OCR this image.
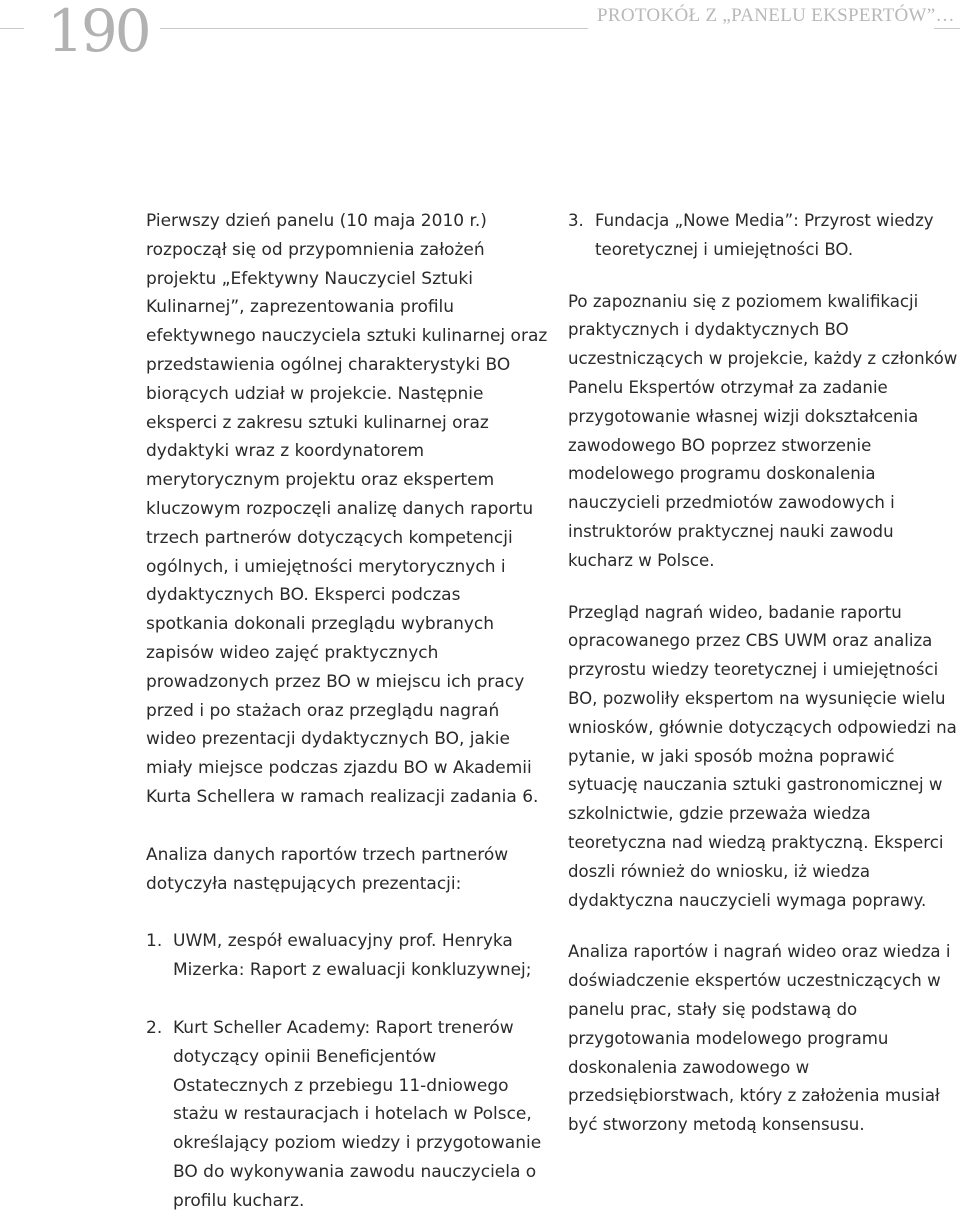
190	PROTOKÓŁ Z „PANELU EKSPERTÓW”…

Pierwszy dzień panelu (10 maja 2010 r.) rozpoczął się od przypomnienia założeń projektu „Efektywny Nauczyciel Sztuki Kulinarnej”, zaprezentowania profilu efektywnego nauczyciela sztuki kulinarnej oraz przedstawienia ogólnej charakterystyki BO biorących udział w projekcie. Następnie eksperci z zakresu sztuki kulinarnej oraz dydaktyki wraz z koordynatorem merytorycznym projektu oraz ekspertem kluczowym rozpoczęli analizę danych raportu trzech partnerów dotyczących kompetencji ogólnych, i umiejętności merytorycznych i dydaktycznych BO. Eksperci podczas spotkania dokonali przeglądu wybranych zapisów wideo zajęć praktycznych prowadzonych przez BO w miejscu ich pracy przed i po stażach oraz przeglądu nagrań wideo prezentacji dydaktycznych BO, jakie miały miejsce podczas zjazdu BO w Akademii Kurta Schellera w ramach realizacji zadania 6.

Analiza danych raportów trzech partnerów dotyczyła następujących prezentacji:

1. UWM, zespół ewaluacyjny prof. Henryka Mizerka: Raport z ewaluacji konkluzywnej;
2. Kurt Scheller Academy: Raport trenerów dotyczący opinii Beneficjentów Ostatecznych z przebiegu 11-dniowego stażu w restauracjach i hotelach w Polsce, określający poziom wiedzy i przygotowanie BO do wykonywania zawodu nauczyciela o profilu kucharz.
3. Fundacja „Nowe Media”: Przyrost wiedzy teoretycznej i umiejętności BO.

Po zapoznaniu się z poziomem kwalifikacji praktycznych i dydaktycznych BO uczestniczących w projekcie, każdy z członków Panelu Ekspertów otrzymał za zadanie przygotowanie własnej wizji dokształcenia zawodowego BO poprzez stworzenie modelowego programu doskonalenia nauczycieli przedmiotów zawodowych i instruktorów praktycznej nauki zawodu kucharz w Polsce.

Przegląd nagrań wideo, badanie raportu opracowanego przez CBS UWM oraz analiza przyrostu wiedzy teoretycznej i umiejętności BO, pozwoliły ekspertom na wysunięcie wielu wniosków, głównie dotyczących odpowiedzi na pytanie, w jaki sposób można poprawić sytuację nauczania sztuki gastronomicznej w szkolnictwie, gdzie przeważa wiedza teoretyczna nad wiedzą praktyczną. Eksperci doszli również do wniosku, iż wiedza dydaktyczna nauczycieli wymaga poprawy.

Analiza raportów i nagrań wideo oraz wiedza i doświadczenie ekspertów uczestniczących w panelu prac, stały się podstawą do przygotowania modelowego programu doskonalenia zawodowego w przedsiębiorstwach, który z założenia musiał być stworzony metodą konsensusu.
